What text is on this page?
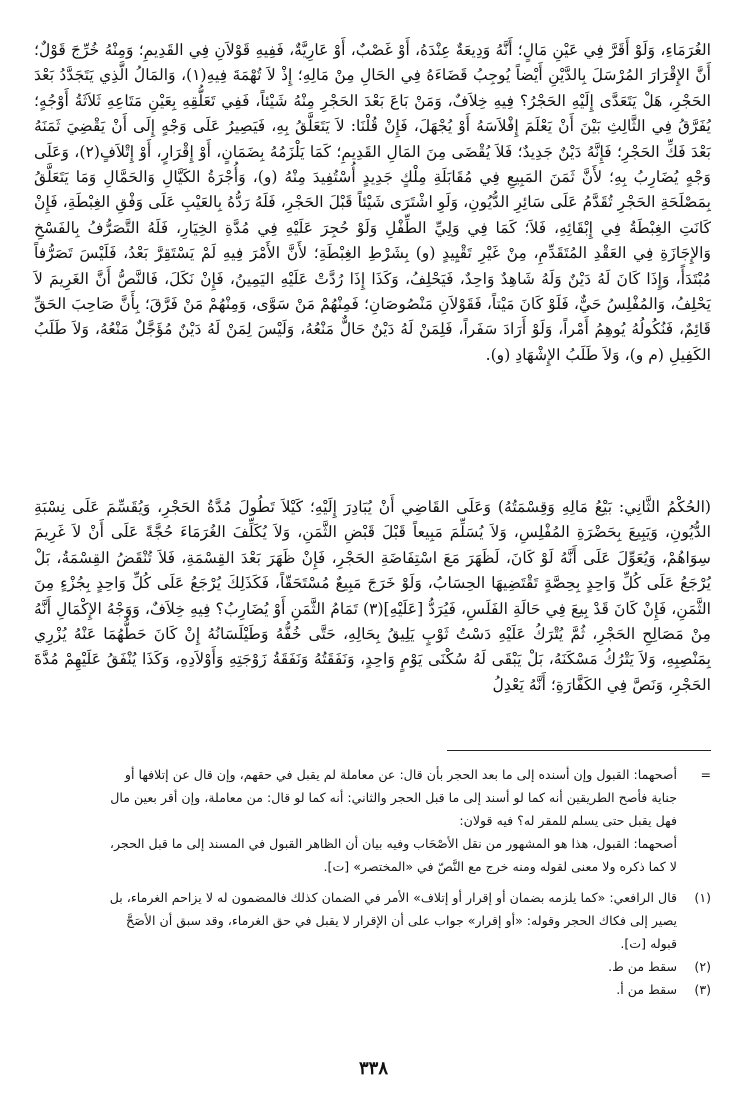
الغُرَمَاءِ، وَلَوْ أَقَرَّ فِي عَيْنِ مَالٍ؛ أَنَّهُ وَدِيعَةٌ عِنْدَهُ، أَوْ غَصْبٌ، أَوْ عَارِيَّةٌ، فَفِيهِ قَوْلاَنِ فِي القَدِيمِ؛ وَمِنْهُ خُرِّجَ قَوْلٌ؛ أَنَّ الإِقْرَارَ المُرْسَلَ بِالدَّيْنِ أَيْضاً يُوجِبُ قَضَاءَهُ فِي الحَالِ مِنْ مَالِهِ؛ إِذْ لاَ تُهْمَةَ فِيهِ(١)، وَالمَالُ الَّذِي يَتَجَدَّدُ بَعْدَ الحَجْرِ، هَلْ يَتَعَدَّى إِلَيْهِ الحَجْرُ؟ فِيهِ خِلاَفٌ، وَمَنْ بَاعَ بَعْدَ الحَجْرِ مِنْهُ شَيْئاً، فَفِي تَعَلُّقِهِ بِعَيْنِ مَتَاعِهِ ثَلاَثَةُ أَوْجُهٍ؛ يُفَرَّقُ فِي الثَّالِثِ بَيْنَ أَنْ يَعْلَمَ إِفْلاَسَهُ أَوْ يُجْهَلَ، فَإِنْ قُلْنَا: لاَ يَتَعَلَّقُ بِهِ، فَيَصِيرُ عَلَى وَجْهٍ إِلَى أَنْ يَقْضِيَ ثَمَنَهُ بَعْدَ فَكِّ الحَجْرِ؛ فَإِنَّهُ دَيْنٌ جَدِيدٌ؛ فَلاَ يُقْضَى مِنَ المَالِ القَدِيمِ؛ كَمَا يَلْزَمُهُ بِضَمَانٍ، أَوْ إِقْرَارٍ، أَوْ إِتْلاَفٍ(٢)، وَعَلَى وَجْهٍ يُضَارِبُ بِهِ؛ لأَنَّ ثَمَنَ المَبِيعِ فِي مُقَابَلَةِ مِلْكٍ جَدِيدٍ أُسْتُفِيدَ مِنْهُ (و)، وَأُجْرَةُ الكَيَّالِ وَالحَمَّالِ وَمَا يَتَعَلَّقُ بِمَصْلَحَةِ الحَجْرِ تُقَدَّمُ عَلَى سَائِرِ الدُّيُونِ، وَلَوِ اشْتَرَى شَيْئاً قَبْلَ الحَجْرِ، فَلَهُ رَدُّهُ بِالعَيْبِ عَلَى وَفْقِ الغِبْطَةِ، فَإِنْ كَانَتِ الغِبْطَةُ فِي إِبْقَائِهِ، فَلاَ؛ كَمَا فِي وَلِيِّ الطِّفْلِ وَلَوْ حُجِرَ عَلَيْهِ فِي مُدَّةِ الخِيَارِ، فَلَهُ التَّصَرُّفُ بِالفَسْخِ وَالإِجَازَةِ فِي العَقْدِ المُتَقَدِّمِ، مِنْ غَيْرِ تَقْيِيدٍ (و) بِشَرْطِ الغِبْطَةِ؛ لأَنَّ الأَمْرَ فِيهِ لَمْ يَسْتَقِرَّ بَعْدُ، فَلَيْسَ تَصَرُّفاً مُبْتَدَأً، وَإِذَا كَانَ لَهُ دَيْنٌ وَلَهُ شَاهِدٌ وَاحِدٌ، فَيَحْلِفُ، وَكَذَا إِذَا رُدَّتْ عَلَيْهِ اليَمِينُ، فَإِنْ نَكَلَ، فَالنَّصُّ أَنَّ الغَرِيمَ لاَ يَحْلِفُ، وَالمُفْلِسُ حَيٌّ، فَلَوْ كَانَ مَيْتاً، فَقَوْلاَنِ مَنْصُوصَانِ؛ فَمِنْهُمْ مَنْ سَوَّى، وَمِنْهُمْ مَنْ فَرَّقَ؛ بِأَنَّ صَاحِبَ الحَقِّ قَائِمٌ، فَنُكُولُهُ يُوهِمُ أَمْراً، وَلَوْ أَرَادَ سَفَراً، فَلِمَنْ لَهُ دَيْنٌ حَالٌّ مَنْعُهُ، وَلَيْسَ لِمَنْ لَهُ دَيْنٌ مُؤَجَّلٌ مَنْعُهُ، وَلاَ طَلَبُ الكَفِيلِ (م و)، وَلاَ طَلَبُ الإِشْهَادِ (و).

(الحُكْمُ الثَّانِي: بَيْعُ مَالِهِ وَقِسْمَتُهُ) وَعَلَى القَاضِي أَنْ يُبَادِرَ إِلَيْهِ؛ كَيْلاَ تَطُولَ مُدَّةُ الحَجْرِ، وَيُقَسِّمَ عَلَى نِسْبَةِ الدُّيُونِ، وَيَبِيعَ بِحَضْرَةِ المُفْلِسِ، وَلاَ يُسَلِّمَ مَبِيعاً قَبْلَ قَبْضِ الثَّمَنِ، وَلاَ يُكَلِّفَ الغُرَمَاءَ حُجَّةً عَلَى أَنْ لاَ غَرِيمَ سِوَاهُمْ، وَيُعَوِّلَ عَلَى أَنَّهُ لَوْ كَانَ، لَظَهَرَ مَعَ اسْتِفَاضَةِ الحَجْرِ، فَإِنْ ظَهَرَ بَعْدَ القِسْمَةِ، فَلاَ تُنْقَضُ القِسْمَةُ، بَلْ يُرْجَعُ عَلَى كُلِّ وَاحِدٍ بِحِصَّةٍ تَقْتَضِيهَا الحِسَابُ، وَلَوْ خَرَجَ مَبِيعٌ مُسْتَحَقّاً، فَكَذَلِكَ يُرْجَعُ عَلَى كُلِّ وَاحِدٍ بِجُزْءٍ مِنَ الثَّمَنِ، فَإِنْ كَانَ قَدْ بِيعَ فِي حَالَةِ الفَلَسِ، فَيُرَدُّ [عَلَيْهِ](٣) تَمَامُ الثَّمَنِ أَوْ يُضَارِبُ؟ فِيهِ خِلاَفٌ، وَوَجْهُ الإِكْمَالِ أَنَّهُ مِنْ مَصَالِحِ الحَجْرِ، ثُمَّ يُتْرَكُ عَلَيْهِ دَسْتُ ثَوْبٍ يَلِيقُ بِحَالِهِ، حَتَّى خُفُّهُ وَطَيْلَسَانُهُ إِنْ كَانَ حَطُّهُمَا عَنْهُ يُزْرِي بِمَنْصِبِهِ، وَلاَ يَتْرُكُ مَسْكَنَهُ، بَلْ يَبْقَى لَهُ سُكْنَى يَوْمٍ وَاحِدٍ، وَنَفَقَتُهُ وَنَفَقَةُ زَوْجَتِهِ وَأَوْلاَدِهِ، وَكَذَا يُنْفَقُ عَلَيْهِمْ مُدَّةَ الحَجْرِ، وَنَصَّ فِي الكَفَّارَةِ؛ أَنَّهُ يَعْدِلُ

=
أصحهما: القبول وإن أسنده إلى ما بعد الحجر بأن قال: عن معاملة لم يقبل في حقهم، وإن قال عن إتلافها أو
جناية فأصح الطريقين أنه كما لو أسند إلى ما قبل الحجر والثاني: أنه كما لو قال: من معاملة، وإن أقر بعين مال
فهل يقبل حتى يسلم للمقر له؟ فيه قولان:
أصحهما: القبول، هذا هو المشهور من نقل الأصْحَاب وفيه بيان أن الظاهر القبول في المسند إلى ما قبل الحجر،
لا كما ذكره ولا معنى لقوله ومنه خرج مع النَّصّ في «المختصر» [ت].
(١)
قال الرافعي: «كما يلزمه بضمان أو إقرار أو إتلاف» الأمر في الضمان كذلك فالمضمون له لا يزاحم الغرماء، بل
يصير إلى فكاك الحجر وقوله: «أو إقرار» جواب على أن الإقرار لا يقبل في حق الغرماء، وقد سبق أن الأصَحَّ
قبوله [ت].
(٢)
سقط من ط.
(٣)
سقط من أ.
٣٣٨
